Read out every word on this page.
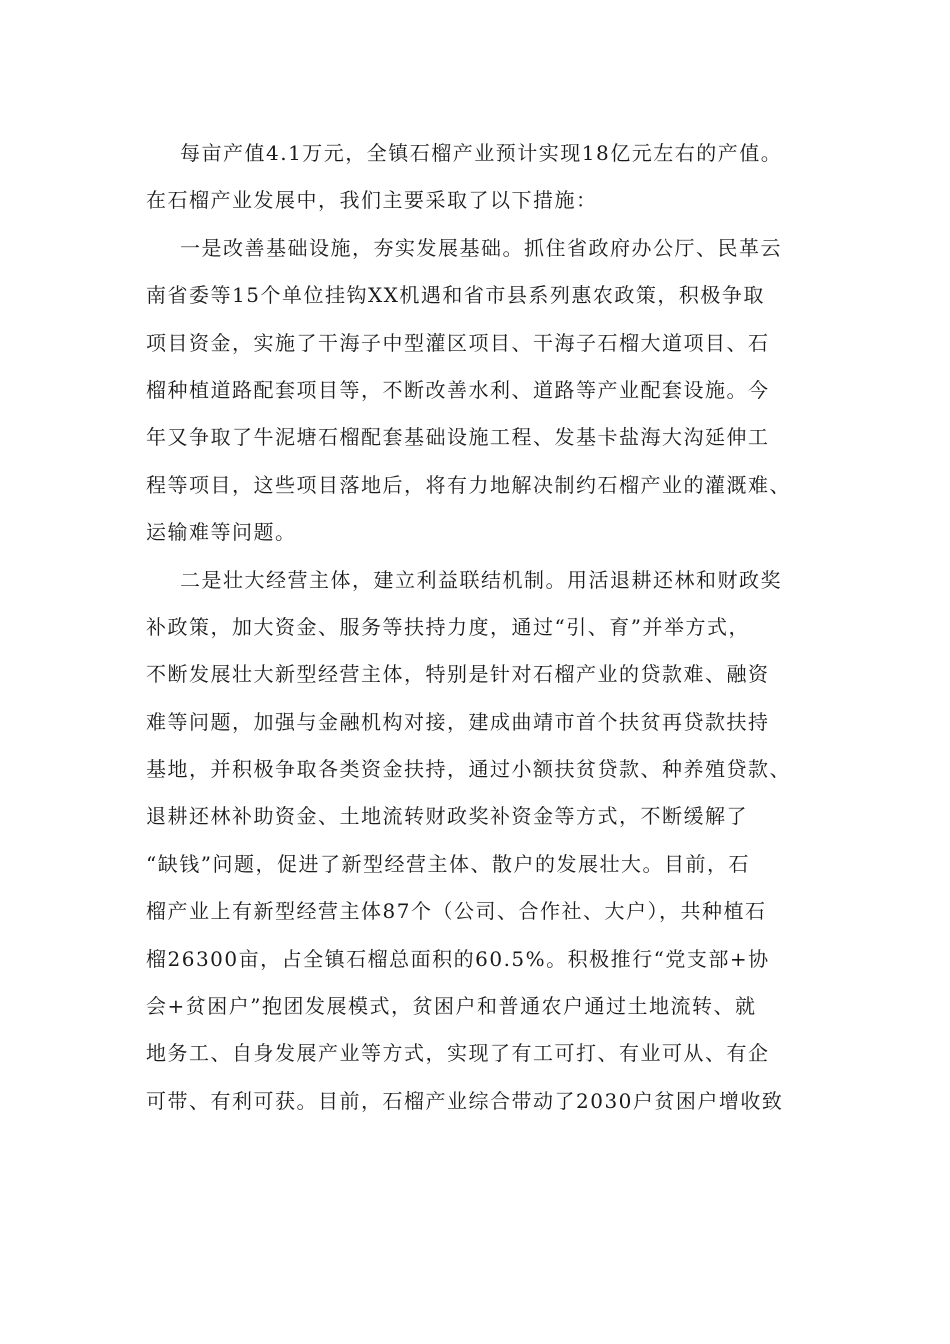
每亩产值4.1万元，全镇石榴产业预计实现18亿元左右的产值。
在石榴产业发展中，我们主要采取了以下措施：
一是改善基础设施，夯实发展基础。抓住省政府办公厅、民革云
南省委等15个单位挂钩XX机遇和省市县系列惠农政策，积极争取
项目资金，实施了干海子中型灌区项目、干海子石榴大道项目、石
榴种植道路配套项目等，不断改善水利、道路等产业配套设施。今
年又争取了牛泥塘石榴配套基础设施工程、发基卡盐海大沟延伸工
程等项目，这些项目落地后，将有力地解决制约石榴产业的灌溉难、
运输难等问题。
二是壮大经营主体，建立利益联结机制。用活退耕还林和财政奖
补政策，加大资金、服务等扶持力度，通过“引、育”并举方式，
不断发展壮大新型经营主体，特别是针对石榴产业的贷款难、融资
难等问题，加强与金融机构对接，建成曲靖市首个扶贫再贷款扶持
基地，并积极争取各类资金扶持，通过小额扶贫贷款、种养殖贷款、
退耕还林补助资金、土地流转财政奖补资金等方式，不断缓解了
“缺钱”问题，促进了新型经营主体、散户的发展壮大。目前，石
榴产业上有新型经营主体87个（公司、合作社、大户），共种植石
榴26300亩，占全镇石榴总面积的60.5%。积极推行“党支部+协
会+贫困户”抱团发展模式，贫困户和普通农户通过土地流转、就
地务工、自身发展产业等方式，实现了有工可打、有业可从、有企
可带、有利可获。目前，石榴产业综合带动了2030户贫困户增收致
